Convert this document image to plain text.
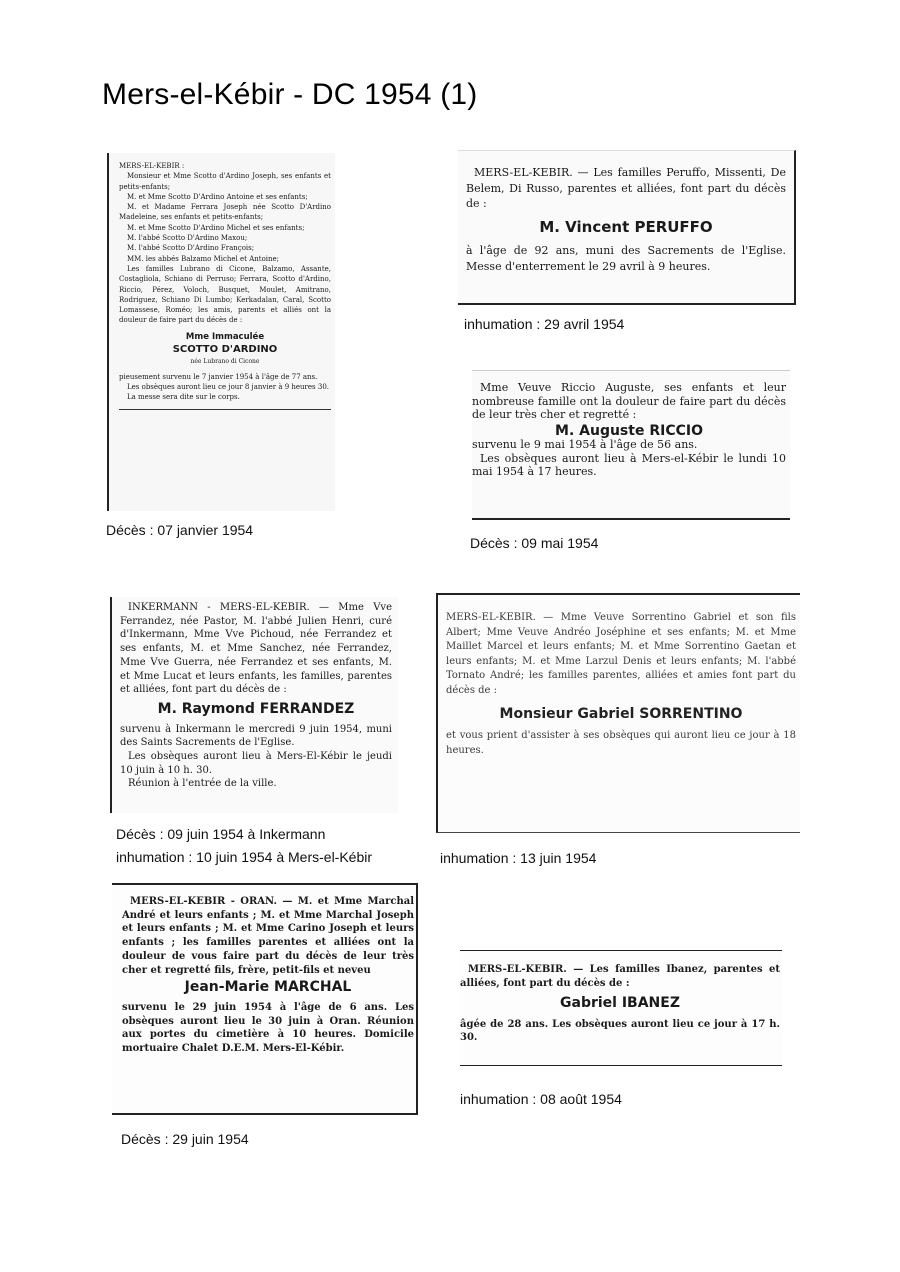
Mers-el-Kébir - DC 1954 (1)

MERS-EL-KEBIR :

Monsieur et Mme Scotto d'Ardino Joseph, ses enfants et petits-enfants;

M. et Mme Scotto D'Ardino Antoine et ses enfants;

M. et Madame Ferrara Joseph née Scotto D'Ardino Madeleine, ses enfants et petits-enfants;

M. et Mme Scotto D'Ardino Michel et ses enfants;

M. l'abbé Scotto D'Ardino Maxou;

M. l'abbé Scotto D'Ardino François;

MM. les abbés Balzamo Michel et Antoine;

Les familles Lubrano di Cicone, Balzamo, Assante, Costagliola, Schiano di Perruso; Ferrara, Scotto d'Ardino, Riccio, Pérez, Voloch, Busquet, Moulet, Amitrano, Rodriguez, Schiano Di Lumbo; Kerkadalan, Caral, Scotto Lomassese, Roméo; les amis, parents et alliés ont la douleur de faire part du décès de :

Mme Immaculée

SCOTTO D'ARDINO

née Lubrano di Cicone

pieusement survenu le 7 janvier 1954 à l'âge de 77 ans.

Les obsèques auront lieu ce jour 8 janvier à 9 heures 30.

La messe sera dite sur le corps.

Décès : 07 janvier 1954

MERS-EL-KEBIR. — Les familles Peruffo, Missenti, De Belem, Di Russo, parentes et alliées, font part du décès de :

M. Vincent PERUFFO

à l'âge de 92 ans, muni des Sacrements de l'Eglise. Messe d'enterrement le 29 avril à 9 heures.

inhumation : 29 avril 1954

Mme Veuve Riccio Auguste, ses enfants et leur nombreuse famille ont la douleur de faire part du décès de leur très cher et regretté :

M. Auguste RICCIO

survenu le 9 mai 1954 à l'âge de 56 ans.

Les obsèques auront lieu à Mers-el-Kébir le lundi 10 mai 1954 à 17 heures.

Décès : 09 mai 1954

INKERMANN - MERS-EL-KEBIR. — Mme Vve Ferrandez, née Pastor, M. l'abbé Julien Henri, curé d'Inkermann, Mme Vve Pichoud, née Ferrandez et ses enfants, M. et Mme Sanchez, née Ferrandez, Mme Vve Guerra, née Ferrandez et ses enfants, M. et Mme Lucat et leurs enfants, les familles, parentes et alliées, font part du décès de :

M. Raymond FERRANDEZ

survenu à Inkermann le mercredi 9 juin 1954, muni des Saints Sacrements de l'Eglise.

Les obsèques auront lieu à Mers-El-Kébir le jeudi 10 juin à 10 h. 30.

Réunion à l'entrée de la ville.

Décès : 09 juin 1954 à Inkermann
inhumation : 10 juin 1954 à Mers-el-Kébir

MERS-EL-KEBIR. — Mme Veuve Sorrentino Gabriel et son fils Albert; Mme Veuve Andréo Joséphine et ses enfants; M. et Mme Maillet Marcel et leurs enfants; M. et Mme Sorrentino Gaetan et leurs enfants; M. et Mme Larzul Denis et leurs enfants; M. l'abbé Tornato André; les familles parentes, alliées et amies font part du décès de :

Monsieur Gabriel SORRENTINO

et vous prient d'assister à ses obsèques qui auront lieu ce jour à 18 heures.

inhumation : 13 juin 1954

MERS-EL-KEBIR - ORAN. — M. et Mme Marchal André et leurs enfants ; M. et Mme Marchal Joseph et leurs enfants ; M. et Mme Carino Joseph et leurs enfants ; les familles parentes et alliées ont la douleur de vous faire part du décès de leur très cher et regretté fils, frère, petit-fils et neveu

Jean-Marie MARCHAL

survenu le 29 juin 1954 à l'âge de 6 ans. Les obsèques auront lieu le 30 juin à Oran. Réunion aux portes du cimetière à 10 heures. Domicile mortuaire Chalet D.E.M. Mers-El-Kébir.

Décès : 29 juin 1954

MERS-EL-KEBIR. — Les familles Ibanez, parentes et alliées, font part du décès de :

Gabriel IBANEZ

âgée de 28 ans. Les obsèques auront lieu ce jour à 17 h. 30.

inhumation : 08 août 1954
